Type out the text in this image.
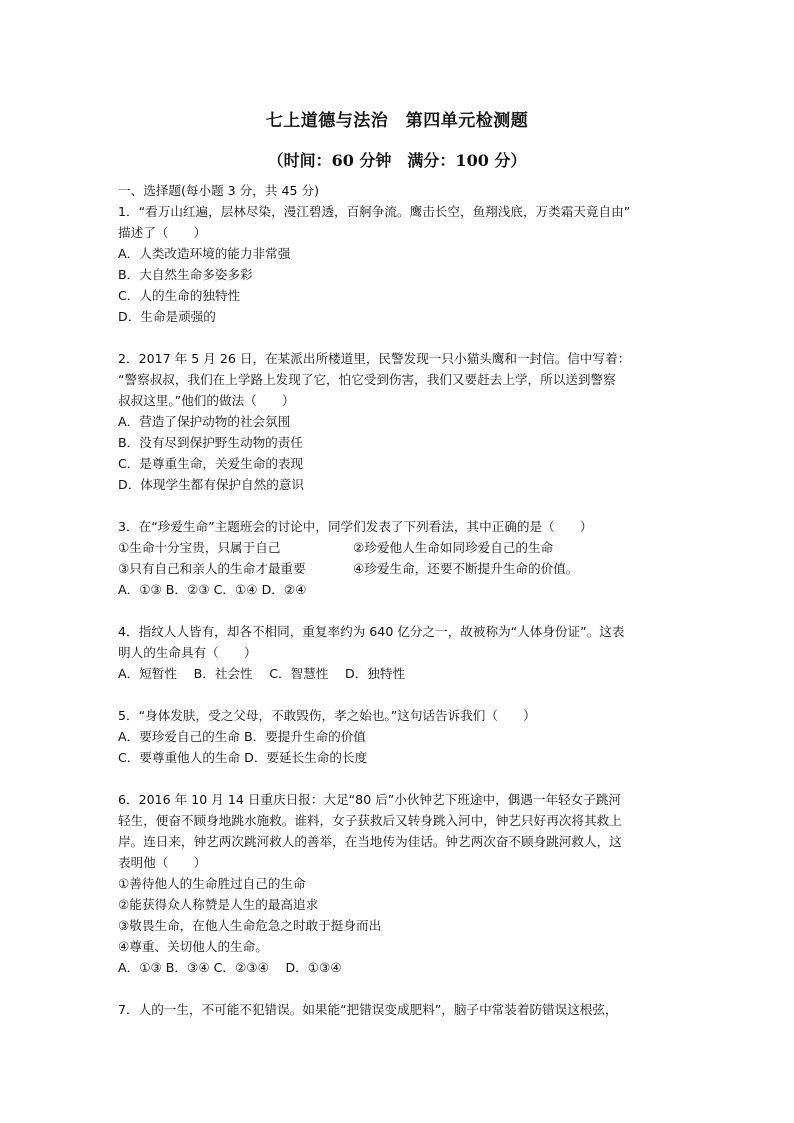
七上道德与法治　第四单元检测题
（时间：60 分钟　满分：100 分）
一、选择题(每小题 3 分，共 45 分)
1．“看万山红遍，层林尽染，漫江碧透，百舸争流。鹰击长空，鱼翔浅底，万类霜天竟自由”
描述了（　　）
A．人类改造环境的能力非常强
B．大自然生命多姿多彩
C．人的生命的独特性
D．生命是顽强的
2．2017 年 5 月 26 日，在某派出所楼道里，民警发现一只小猫头鹰和一封信。信中写着：
“警察叔叔，我们在上学路上发现了它，怕它受到伤害，我们又要赶去上学，所以送到警察
叔叔这里。”他们的做法（　　）
A．营造了保护动物的社会氛围
B．没有尽到保护野生动物的责任
C．是尊重生命，关爱生命的表现
D．体现学生都有保护自然的意识
3．在“珍爱生命”主题班会的讨论中，同学们发表了下列看法，其中正确的是（　　）
①生命十分宝贵，只属于自己	②珍爱他人生命如同珍爱自己的生命
③只有自己和亲人的生命才最重要	④珍爱生命，还要不断提升生命的价值。
A．①③ B．②③ C．①④ D．②④
4．指纹人人皆有，却各不相同，重复率约为 640 亿分之一，故被称为“人体身份证”。这表
明人的生命具有（　　）
A．短暂性　 B．社会性　 C．智慧性　 D．独特性
5．“身体发肤，受之父母，不敢毁伤，孝之始也。”这句话告诉我们（　　）
A．要珍爱自己的生命 B．要提升生命的价值
C．要尊重他人的生命 D．要延长生命的长度
6．2016 年 10 月 14 日重庆日报：大足“80 后”小伙钟艺下班途中，偶遇一年轻女子跳河
轻生，便奋不顾身地跳水施救。谁料，女子获救后又转身跳入河中，钟艺只好再次将其救上
岸。连日来，钟艺两次跳河救人的善举，在当地传为佳话。钟艺两次奋不顾身跳河救人，这
表明他（　　）
①善待他人的生命胜过自己的生命
②能获得众人称赞是人生的最高追求
③敬畏生命，在他人生命危急之时敢于挺身而出
④尊重、关切他人的生命。
A．①③ B．③④ C．②③④　 D．①③④
7．人的一生，不可能不犯错误。如果能“把错误变成肥料”，脑子中常装着防错误这根弦，
